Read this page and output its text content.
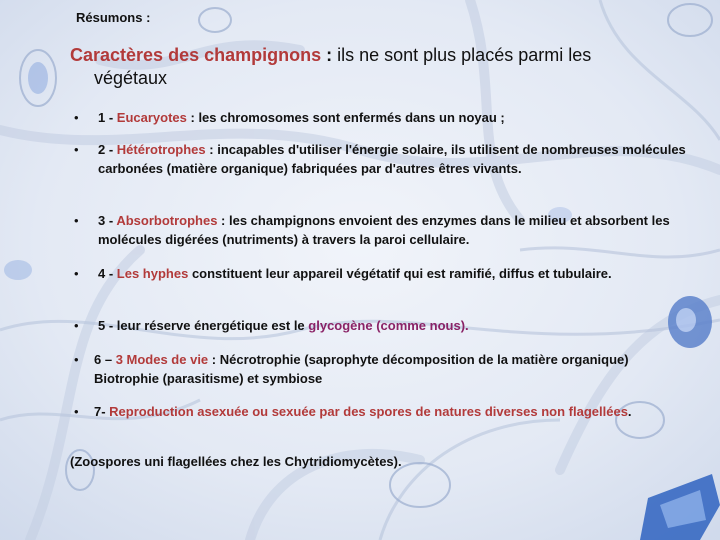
Résumons :
Caractères des champignons : ils ne sont plus placés parmi les
végétaux
•	1 - Eucaryotes : les chromosomes sont enfermés dans un noyau ;
•	2 - Hétérotrophes : incapables d'utiliser l'énergie solaire, ils utilisent de nombreuses molécules carbonées (matière organique) fabriquées par d'autres êtres vivants.
•	3 - Absorbotrophes : les champignons envoient des enzymes dans le milieu et absorbent les molécules digérées (nutriments) à travers la paroi cellulaire.
•	4 - Les hyphes constituent leur appareil végétatif qui est ramifié, diffus et tubulaire.
•	5 - leur réserve énergétique est le glycogène (comme nous).
•	6 – 3 Modes de vie : Nécrotrophie (saprophyte décomposition de la matière organique) Biotrophie (parasitisme) et symbiose
•	7- Reproduction asexuée ou sexuée par des spores de natures diverses non flagellées.
(Zoospores uni flagellées chez les Chytridiomycètes).
